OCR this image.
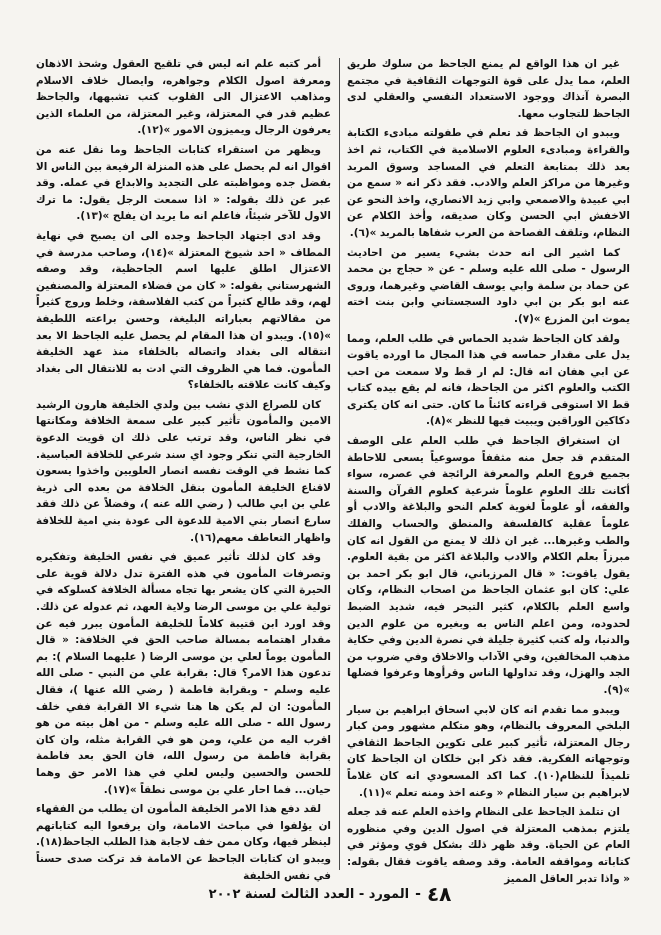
غير ان هذا الواقع لم يمنع الجاحظ من سلوك طريق العلم، مما يدل على قوة التوجهات الثقافية في مجتمع البصرة آنذاك ووجود الاستعداد النفسي والعقلي لدى الجاحظ للتجاوب معها.

ويبدو ان الجاحظ قد تعلم في طفولته مبادىء الكتابة والقراءة ومبادىء العلوم الاسلامية في الكتاب، ثم اخذ بعد ذلك بمتابعة التعلم في المساجد وسوق المربد وغيرها من مراكز العلم والادب. فقد ذكر انه « سمع من ابي عبيدة والاصمعي وابي زيد الانصاري، واخذ النحو عن الاخفش ابي الحسن وكان صديقه، وأخذ الكلام عن النظام، وتلقف الفصاحة من العرب شفاها بالمربد »(٦).

كما اشير الى انه حدث بشيء يسير من احاديث الرسول - صلى الله عليه وسلم - عن « حجاج بن محمد عن حماد بن سلمة وابي يوسف القاضي وغيرهما، وروى عنه ابو بكر بن ابي داود السجستاني وابن بنت اخته يموت ابن المزرع »(٧).

ولقد كان الجاحظ شديد الحماس في طلب العلم، ومما يدل على مقدار حماسه في هذا المجال ما اورده ياقوت عن ابي هفان انه قال: لم ار قط ولا سمعت من احب الكتب والعلوم اكثر من الجاحظ، فانه لم يقع بيده كتاب قط الا استوفى قراءته كائناً ما كان. حتى انه كان يكترى دكاكين الوراقين ويبيت فيها للنظر »(٨).

ان استغراق الجاحظ في طلب العلم على الوصف المتقدم قد جعل منه مثقفاً موسوعياً يسعى للاحاطة بجميع فروع العلم والمعرفة الرائجة في عصره، سواء أكانت تلك العلوم علوماً شرعية كعلوم القرآن والسنة والفقه، أو علوماً لغوية كعلم النحو والبلاغة والادب أو علوماً عقلية كالفلسفة والمنطق والحساب والفلك والطب وغيرها... غير ان ذلك لا يمنع من القول انه كان مبرزاً بعلم الكلام والادب والبلاغة اكثر من بقية العلوم. يقول ياقوت: « قال المرزباني، قال ابو بكر احمد بن علي: كان ابو عثمان الجاحظ من اصحاب النظام، وكان واسع العلم بالكلام، كثير التبحر فيه، شديد الضبط لحدوده، ومن اعلم الناس به وبغيره من علوم الدين والدنيا، وله كتب كثيرة جليلة في نصرة الدين وفي حكاية مذهب المخالفين، وفي الآداب والاخلاق وفي ضروب من الجد والهزل، وقد تداولها الناس وقرأوها وعرفوا فضلها »(٩).

ويبدو مما تقدم انه كان لابي اسحاق ابراهيم بن سيار البلخي المعروف بالنظام، وهو متكلم مشهور ومن كبار رجال المعتزلة، تأثير كبير على تكوين الجاحظ الثقافي وتوجهاته الفكرية. فقد ذكر ابن خلكان ان الجاحظ كان تلميذاً للنظام(١٠). كما اكد المسعودي انه كان غلاماً لابراهيم بن سيار النظام « وعنه اخذ ومنه تعلم »(١١).

ان تتلمذ الجاحظ على النظام واخذه العلم عنه قد جعله يلتزم بمذهب المعتزلة في اصول الدين وفي منظوره العام عن الحياة. وقد ظهر ذلك بشكل قوي ومؤثر في كتاباته ومواقفه العامة. وقد وصفه ياقوت فقال بقوله: « واذا تدبر العاقل المميز

أمر كتبه علم انه ليس في تلقيح العقول وشحذ الاذهان ومعرفة اصول الكلام وجواهره، وايصال خلاف الاسلام ومذاهب الاعتزال الى القلوب كتب تشبهها، والجاحظ عظيم قدر في المعتزلة، وغير المعتزلة، من العلماء الذين يعرفون الرجال ويميزون الامور »(١٢).

ويظهر من استقراء كتابات الجاحظ وما نقل عنه من اقوال انه لم يحصل على هذه المنزلة الرفيعة بين الناس الا بفضل جده ومواظبته على التجديد والابداع في عمله. وقد عبر عن ذلك بقوله: « اذا سمعت الرجل يقول: ما ترك الاول للآخر شيئاً، فاعلم انه ما يريد ان يفلح »(١٣).

وقد ادى اجتهاد الجاحظ وجده الى ان يصبح في نهاية المطاف « احد شيوخ المعتزلة »(١٤)، وصاحب مدرسة في الاعتزال اطلق عليها اسم الجاحظية، وقد وصفه الشهرستاني بقوله: « كان من فضلاء المعتزلة والمصنفين لهم، وقد طالع كثيراً من كتب الفلاسفة، وخلط وروج كثيراً من مقالاتهم بعباراته البليغة، وحسن براعته اللطيفة »(١٥). ويبدو ان هذا المقام لم يحصل عليه الجاحظ الا بعد انتقاله الى بغداد واتصاله بالخلفاء منذ عهد الخليفة المأمون. فما هي الظروف التي ادت به للانتقال الى بغداد وكيف كانت علاقته بالخلفاء؟

كان للصراع الذي نشب بين ولدي الخليفة هارون الرشيد الامين والمأمون تأثير كبير على سمعة الخلافة ومكانتها في نظر الناس، وقد ترتب على ذلك ان قويت الدعوة الخارجية التي تنكر وجود اي سند شرعي للخلافة العباسية. كما نشط في الوقت نفسه انصار العلويين واخذوا يسعون لاقناع الخليفة المأمون بنقل الخلافة من بعده الى ذرية علي بن ابي طالب ( رضي الله عنه )، وفضلاً عن ذلك فقد سارع انصار بني الامية للدعوة الى عودة بني امية للخلافة واظهار التعاطف معهم(١٦).

وقد كان لذلك تأثير عميق في نفس الخليفة وتفكيره وتصرفات المأمون في هذه الفترة تدل دلالة قوية على الحيرة التي كان يشعر بها تجاه مسألة الخلافة كسلوكه في تولية علي بن موسى الرضا ولاية العهد، ثم عدوله عن ذلك. وقد اورد ابن قتيبة كلاماً للخليفة المأمون يبرر فيه عن مقدار اهتمامه بمسالة صاحب الحق في الخلافة: « قال المأمون يوماً لعلي بن موسى الرضا ( عليهما السلام ): بم تدعون هذا الامر؟ قال: بقرابة علي من النبي - صلى الله عليه وسلم - وبقرابة فاطمة ( رضي الله عنها )، فقال المأمون: ان لم يكن ها هنا شيء الا القرابة ففي خلف رسول الله - صلى الله عليه وسلم - من اهل بيته من هو اقرب اليه من علي، ومن هو في القرابة مثله، وان كان بقرابة فاطمة من رسول الله، فان الحق بعد فاطمة للحسن والحسين وليس لعلي في هذا الامر حق وهما حيان... فما احار علي بن موسى نطقاً »(١٧).

لقد دفع هذا الامر الخليفة المأمون ان يطلب من الفقهاء ان يؤلفوا في مباحث الامامة، وان يرفعوا اليه كتاباتهم لينظر فيها، وكان ممن خف لاجابة هذا الطلب الجاحظ(١٨). ويبدو ان كتابات الجاحظ عن الامامة قد تركت صدى حسناً في نفس الخليفة

٤٨
-
المورد - العدد الثالث لسنة ٢٠٠٢
